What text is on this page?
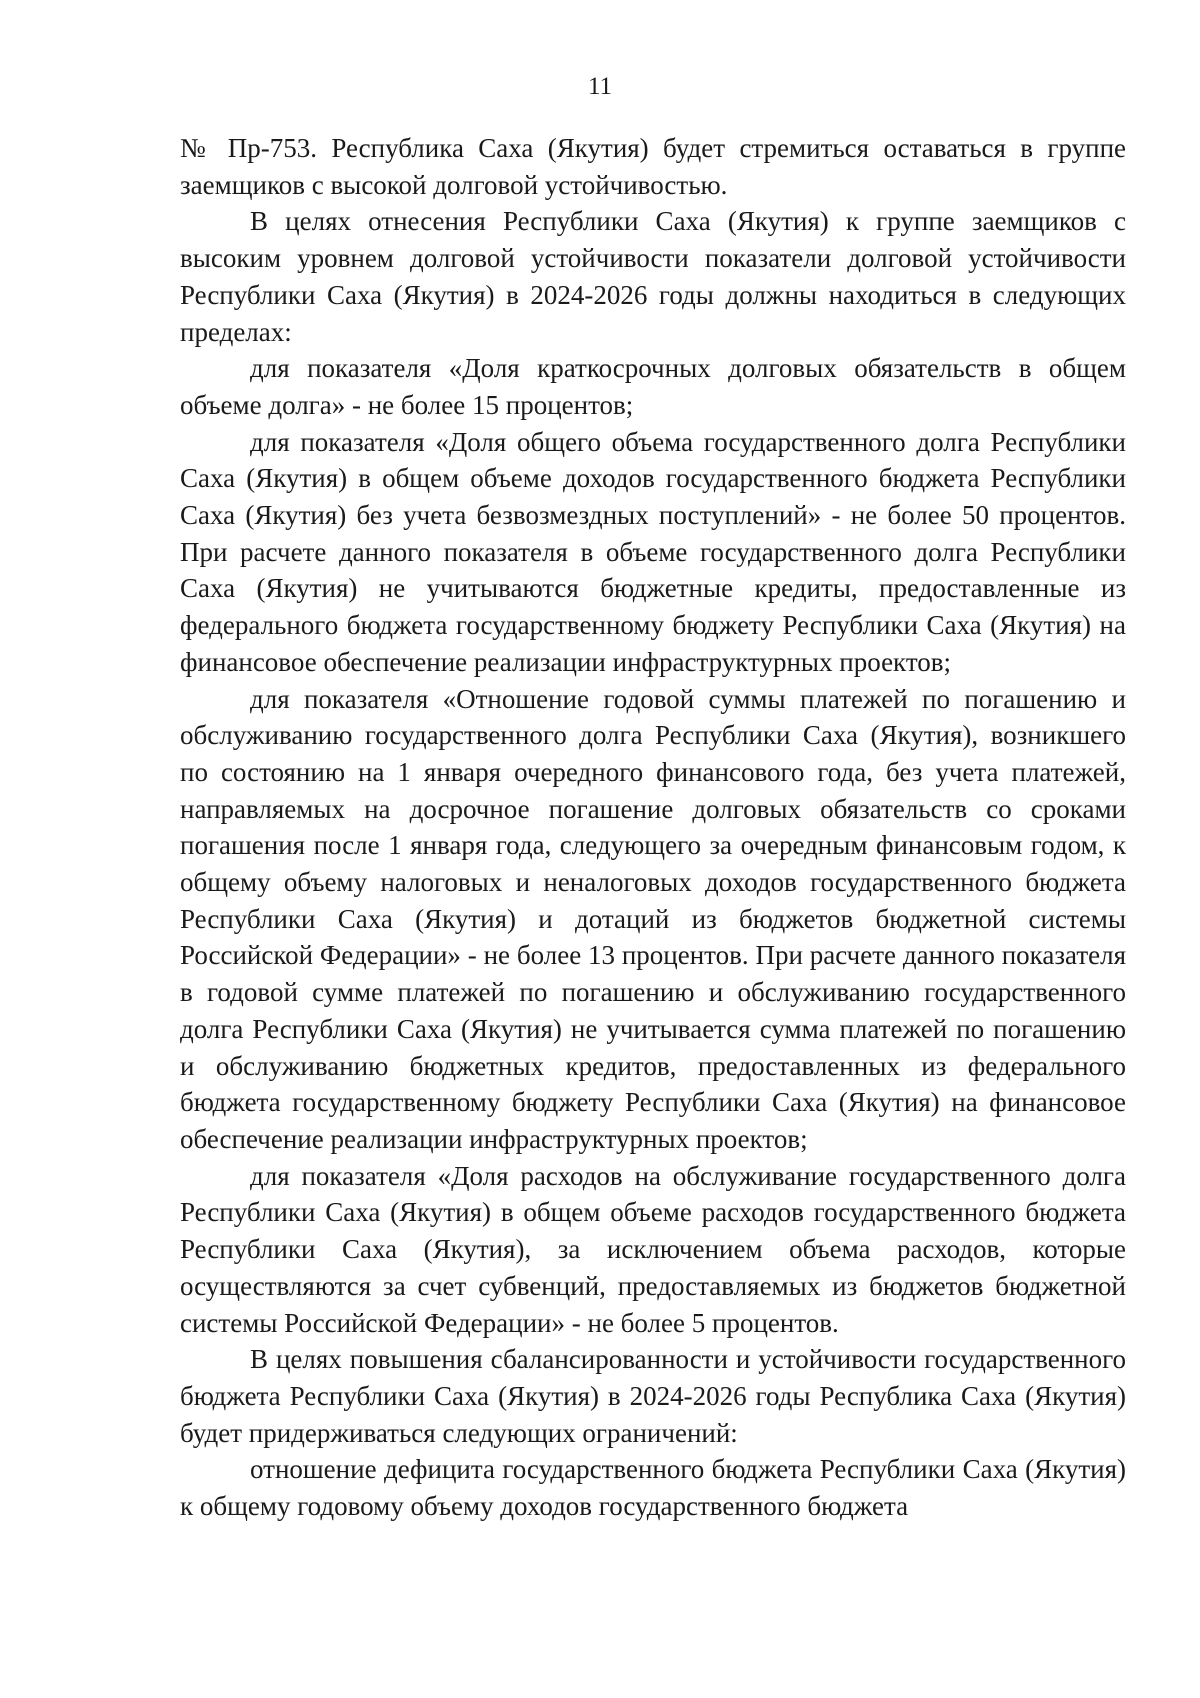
11

№ Пр-753. Республика Саха (Якутия) будет стремиться оставаться в группе заемщиков с высокой долговой устойчивостью.

В целях отнесения Республики Саха (Якутия) к группе заемщиков с высоким уровнем долговой устойчивости показатели долговой устойчивости Республики Саха (Якутия) в 2024-2026 годы должны находиться в следующих пределах:

для показателя «Доля краткосрочных долговых обязательств в общем объеме долга» - не более 15 процентов;

для показателя «Доля общего объема государственного долга Республики Саха (Якутия) в общем объеме доходов государственного бюджета Республики Саха (Якутия) без учета безвозмездных поступлений» - не более 50 процентов. При расчете данного показателя в объеме государственного долга Республики Саха (Якутия) не учитываются бюджетные кредиты, предоставленные из федерального бюджета государственному бюджету Республики Саха (Якутия) на финансовое обеспечение реализации инфраструктурных проектов;

для показателя «Отношение годовой суммы платежей по погашению и обслуживанию государственного долга Республики Саха (Якутия), возникшего по состоянию на 1 января очередного финансового года, без учета платежей, направляемых на досрочное погашение долговых обязательств со сроками погашения после 1 января года, следующего за очередным финансовым годом, к общему объему налоговых и неналоговых доходов государственного бюджета Республики Саха (Якутия) и дотаций из бюджетов бюджетной системы Российской Федерации» - не более 13 процентов. При расчете данного показателя в годовой сумме платежей по погашению и обслуживанию государственного долга Республики Саха (Якутия) не учитывается сумма платежей по погашению и обслуживанию бюджетных кредитов, предоставленных из федерального бюджета государственному бюджету Республики Саха (Якутия) на финансовое обеспечение реализации инфраструктурных проектов;

для показателя «Доля расходов на обслуживание государственного долга Республики Саха (Якутия) в общем объеме расходов государственного бюджета Республики Саха (Якутия), за исключением объема расходов, которые осуществляются за счет субвенций, предоставляемых из бюджетов бюджетной системы Российской Федерации» - не более 5 процентов.

В целях повышения сбалансированности и устойчивости государственного бюджета Республики Саха (Якутия) в 2024-2026 годы Республика Саха (Якутия) будет придерживаться следующих ограничений:

отношение дефицита государственного бюджета Республики Саха (Якутия) к общему годовому объему доходов государственного бюджета
